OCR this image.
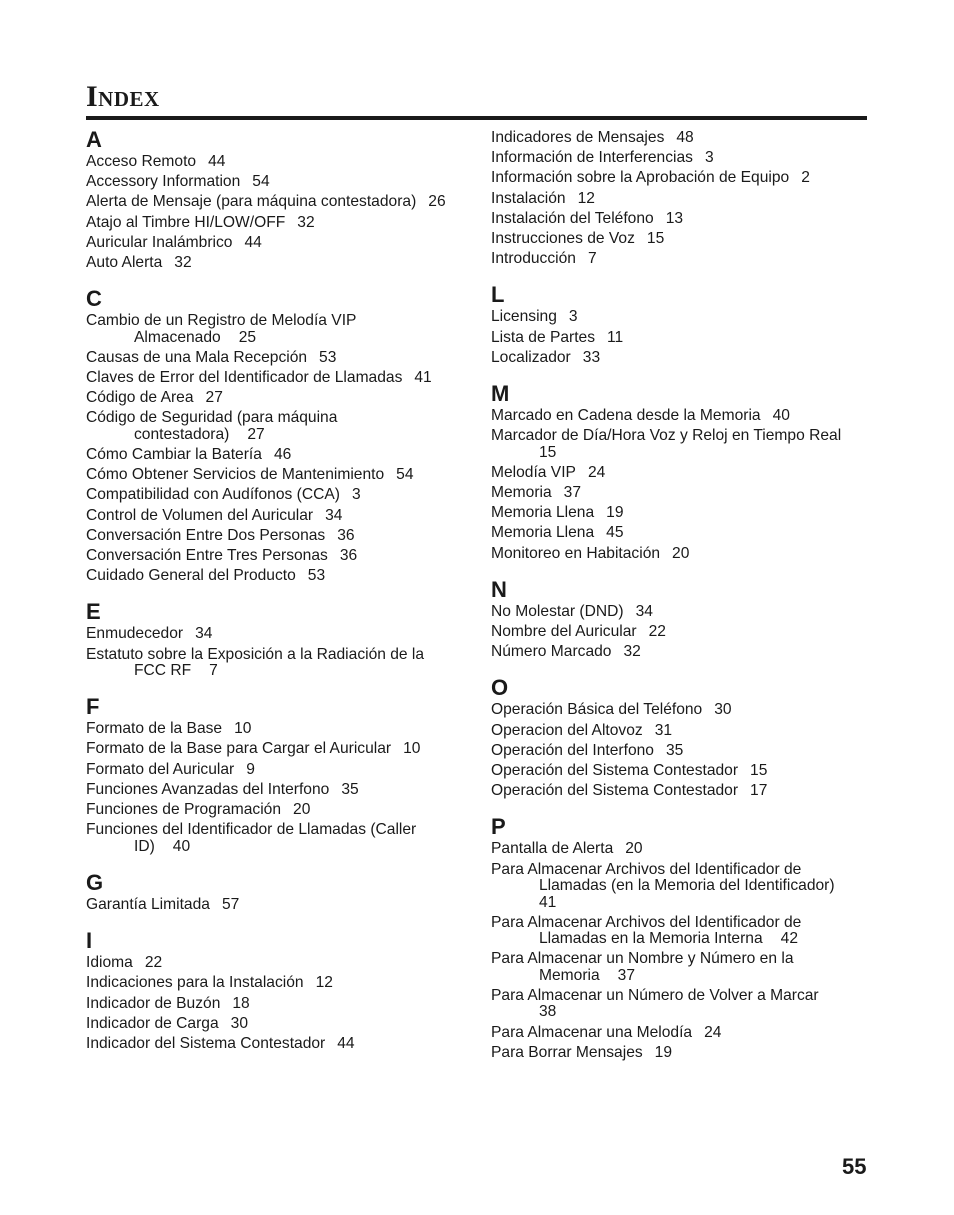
Index
A
Acceso Remoto 44
Accessory Information 54
Alerta de Mensaje (para máquina contestadora) 26
Atajo al Timbre HI/LOW/OFF 32
Auricular Inalámbrico 44
Auto Alerta 32
C
Cambio de un Registro de Melodía VIP
Almacenado 25
Causas de una Mala Recepción 53
Claves de Error del Identificador de Llamadas 41
Código de Area 27
Código de Seguridad (para máquina
contestadora) 27
Cómo Cambiar la Batería 46
Cómo Obtener Servicios de Mantenimiento 54
Compatibilidad con Audífonos (CCA) 3
Control de Volumen del Auricular 34
Conversación Entre Dos Personas 36
Conversación Entre Tres Personas 36
Cuidado General del Producto 53
E
Enmudecedor 34
Estatuto sobre la Exposición a la Radiación de la
FCC RF 7
F
Formato de la Base 10
Formato de la Base para Cargar el Auricular 10
Formato del Auricular 9
Funciones Avanzadas del Interfono 35
Funciones de Programación 20
Funciones del Identificador de Llamadas (Caller
ID) 40
G
Garantía Limitada 57
I
Idioma 22
Indicaciones para la Instalación 12
Indicador de Buzón 18
Indicador de Carga 30
Indicador del Sistema Contestador 44
Indicadores de Mensajes 48
Información de Interferencias 3
Información sobre la Aprobación de Equipo 2
Instalación 12
Instalación del Teléfono 13
Instrucciones de Voz 15
Introducción 7
L
Licensing 3
Lista de Partes 11
Localizador 33
M
Marcado en Cadena desde la Memoria 40
Marcador de Día/Hora Voz y Reloj en Tiempo Real
15
Melodía VIP 24
Memoria 37
Memoria Llena 19
Memoria Llena 45
Monitoreo en Habitación 20
N
No Molestar (DND) 34
Nombre del Auricular 22
Número Marcado 32
O
Operación Básica del Teléfono 30
Operacion del Altovoz 31
Operación del Interfono 35
Operación del Sistema Contestador 15
Operación del Sistema Contestador 17
P
Pantalla de Alerta 20
Para Almacenar Archivos del Identificador de
Llamadas (en la Memoria del Identificador)
41
Para Almacenar Archivos del Identificador de
Llamadas en la Memoria Interna 42
Para Almacenar un Nombre y Número en la
Memoria 37
Para Almacenar un Número de Volver a Marcar
38
Para Almacenar una Melodía 24
Para Borrar Mensajes 19
55
